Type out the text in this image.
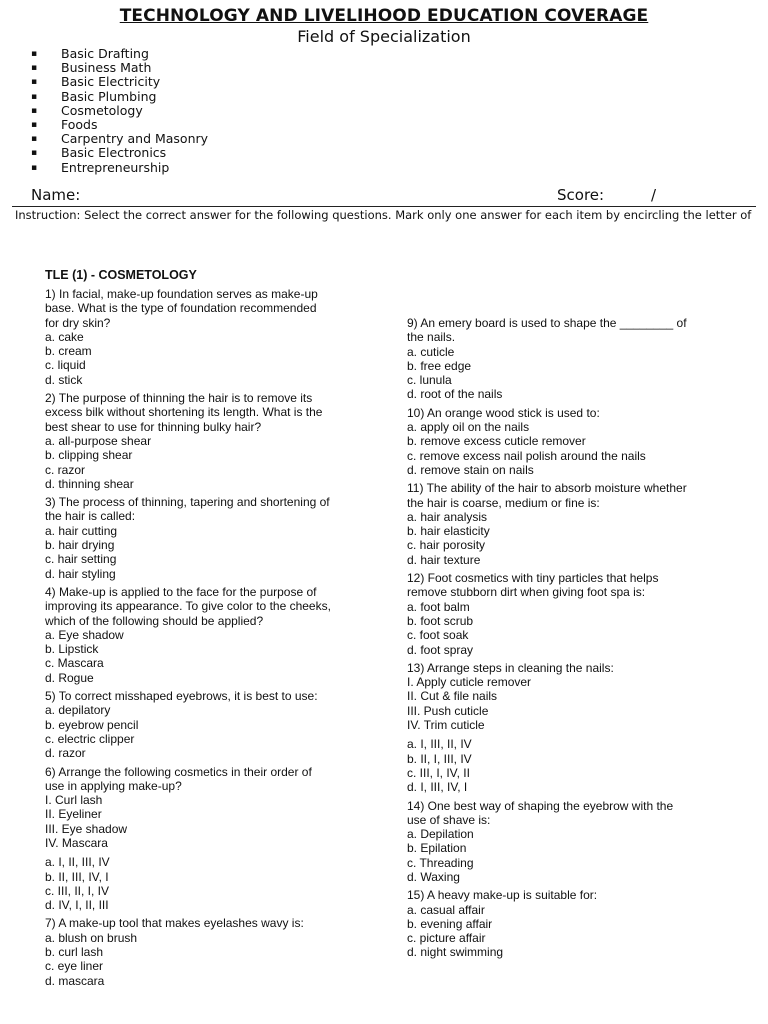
TECHNOLOGY AND LIVELIHOOD EDUCATION COVERAGE
Field of Specialization
▪	Basic Drafting
▪	Business Math
▪	Basic Electricity
▪	Basic Plumbing
▪	Cosmetology
▪	Foods
▪	Carpentry and Masonry
▪	Basic Electronics
▪	Entrepreneurship
Name:	Score:	/
Instruction: Select the correct answer for the following questions. Mark only one answer for each item by encircling the letter of
TLE (1) - COSMETOLOGY
1) In facial, make-up foundation serves as make-up
base. What is the type of foundation recommended
for dry skin?
a. cake
b. cream
c. liquid
d. stick
2) The purpose of thinning the hair is to remove its
excess bilk without shortening its length. What is the
best shear to use for thinning bulky hair?
a. all-purpose shear
b. clipping shear
c. razor
d. thinning shear
3) The process of thinning, tapering and shortening of
the hair is called:
a. hair cutting
b. hair drying
c. hair setting
d. hair styling
4) Make-up is applied to the face for the purpose of
improving its appearance. To give color to the cheeks,
which of the following should be applied?
a. Eye shadow
b. Lipstick
c. Mascara
d. Rogue
5) To correct misshaped eyebrows, it is best to use:
a. depilatory
b. eyebrow pencil
c. electric clipper
d. razor
6) Arrange the following cosmetics in their order of
use in applying make-up?
I. Curl lash
II. Eyeliner
III. Eye shadow
IV. Mascara
a. I, II, III, IV
b. II, III, IV, I
c. III, II, I, IV
d. IV, I, II, III
7) A make-up tool that makes eyelashes wavy is:
a. blush on brush
b. curl lash
c. eye liner
d. mascara
9) An emery board is used to shape the ________ of
the nails.
a. cuticle
b. free edge
c. lunula
d. root of the nails
10) An orange wood stick is used to:
a. apply oil on the nails
b. remove excess cuticle remover
c. remove excess nail polish around the nails
d. remove stain on nails
11) The ability of the hair to absorb moisture whether
the hair is coarse, medium or fine is:
a. hair analysis
b. hair elasticity
c. hair porosity
d. hair texture
12) Foot cosmetics with tiny particles that helps
remove stubborn dirt when giving foot spa is:
a. foot balm
b. foot scrub
c. foot soak
d. foot spray
13) Arrange steps in cleaning the nails:
I. Apply cuticle remover
II. Cut & file nails
III. Push cuticle
IV. Trim cuticle
a. I, III, II, IV
b. II, I, III, IV
c. III, I, IV, II
d. I, III, IV, I
14) One best way of shaping the eyebrow with the
use of shave is:
a. Depilation
b. Epilation
c. Threading
d. Waxing
15) A heavy make-up is suitable for:
a. casual affair
b. evening affair
c. picture affair
d. night swimming
